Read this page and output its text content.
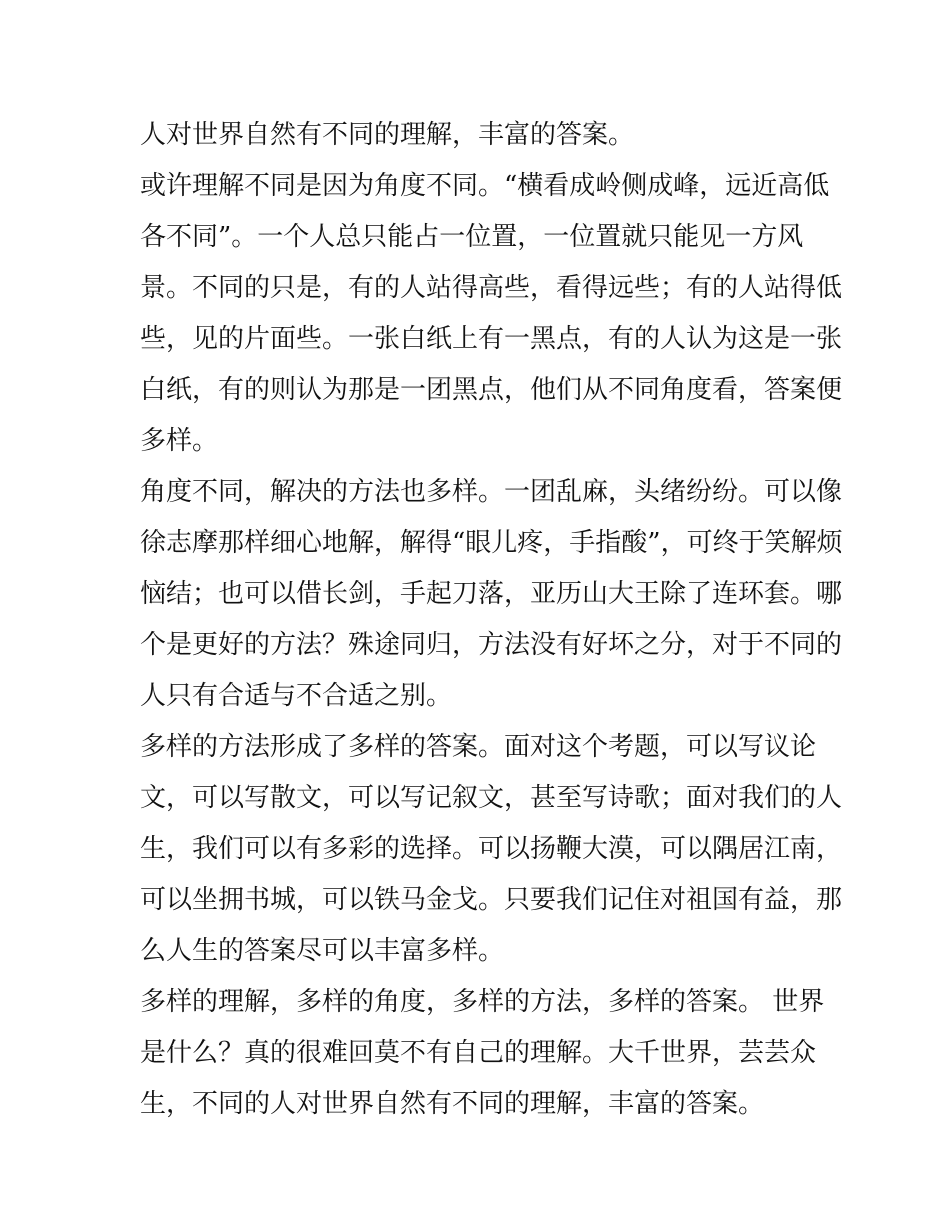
人对世界自然有不同的理解，丰富的答案。
或许理解不同是因为角度不同。“横看成岭侧成峰，远近高低
各不同”。一个人总只能占一位置，一位置就只能见一方风
景。不同的只是，有的人站得高些，看得远些；有的人站得低
些，见的片面些。一张白纸上有一黑点，有的人认为这是一张
白纸，有的则认为那是一团黑点，他们从不同角度看，答案便
多样。
角度不同，解决的方法也多样。一团乱麻，头绪纷纷。可以像
徐志摩那样细心地解，解得“眼儿疼，手指酸”，可终于笑解烦
恼结；也可以借长剑，手起刀落，亚历山大王除了连环套。哪
个是更好的方法？殊途同归，方法没有好坏之分，对于不同的
人只有合适与不合适之别。
多样的方法形成了多样的答案。面对这个考题，可以写议论
文，可以写散文，可以写记叙文，甚至写诗歌；面对我们的人
生，我们可以有多彩的选择。可以扬鞭大漠，可以隅居江南，
可以坐拥书城，可以铁马金戈。只要我们记住对祖国有益，那
么人生的答案尽可以丰富多样。
多样的理解，多样的角度，多样的方法，多样的答案。 世界
是什么？真的很难回莫不有自己的理解。大千世界，芸芸众
生，不同的人对世界自然有不同的理解，丰富的答案。
